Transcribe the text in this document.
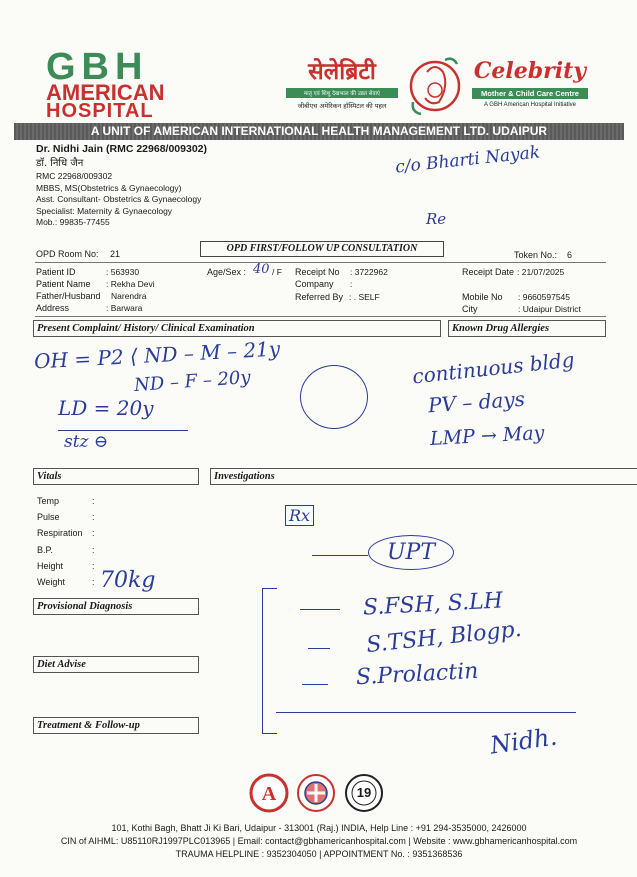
GBH
AMERICAN
HOSPITAL
सेलेब्रिटी
मातृ एवं शिशु देखभाल की उन्नत सेवाएं
जीबीएच अमेरिकन हॉस्पिटल की पहल
Celebrity
Mother & Child Care Centre
A GBH American Hospital Initiative
A UNIT OF AMERICAN INTERNATIONAL HEALTH MANAGEMENT LTD. UDAIPUR
Dr. Nidhi Jain (RMC 22968/009302)
डॉ. निधि जैन
RMC 22968/009302
MBBS, MS(Obstetrics & Gynaecology)
Asst. Consultant- Obstetrics & Gynaecology
Specialist: Maternity & Gynaecology
Mob.: 99835-77455
c/o Bharti Nayak
Re
OPD Room No: 21	OPD FIRST/FOLLOW UP CONSULTATION
Token No.: 6
Patient ID	: 563930
Patient Name : Rekha Devi
Father/Husband Narendra
Address	: Barwara
Age/Sex : 40 / F Receipt No : 3722962
Company :
Referred By : . SELF
Receipt Date : 21/07/2025
Mobile No : 9660597545
City	: Udaipur District
Present Complaint/ History/ Clinical Examination	Known Drug Allergies
OH = P2 ⟨ ND – M – 21y
ND – F – 20y
LD = 20y
stz ⊖
continuous bldg
PV – days
LMP → May
Vitals	Investigations
Temp	:
Pulse	:
Respiration :
B.P.	:
Height	:
Weight	: 70kg
Rx
UPT
S.FSH, S.LH
S.TSH, Blogp.
S.Prolactin
Nidh.
Provisional Diagnosis
Diet Advise
Treatment & Follow-up
A	19
101, Kothi Bagh, Bhatt Ji Ki Bari, Udaipur - 313001 (Raj.) INDIA, Help Line : +91 294-3535000, 2426000
CIN of AIHML: U85110RJ1997PLC013965 | Email: contact@gbhamericanhospital.com | Website : www.gbhamericanhospital.com
TRAUMA HELPLINE : 9352304050 | APPOINTMENT No. : 9351368536
